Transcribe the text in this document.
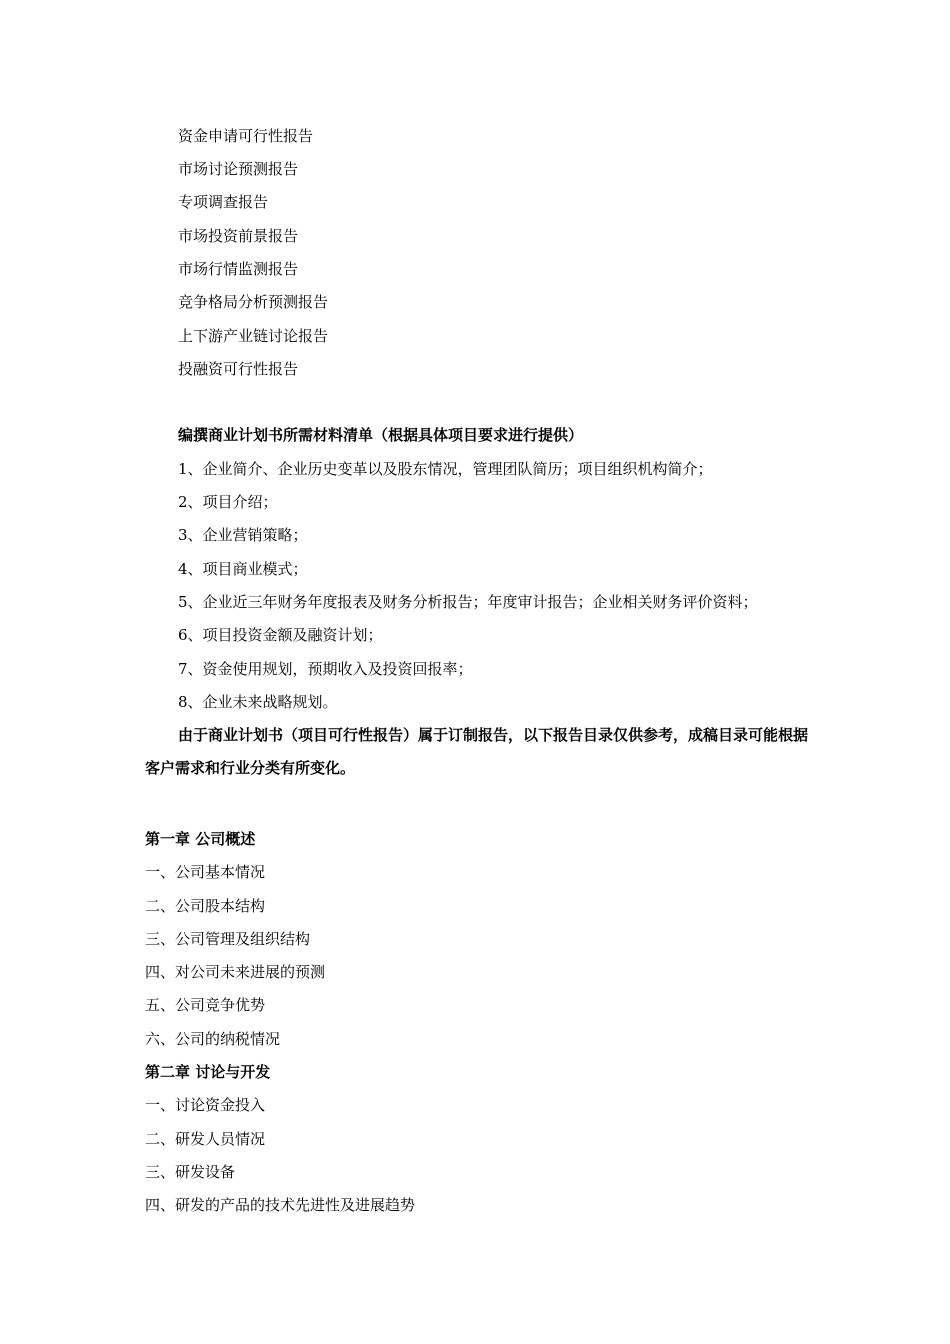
资金申请可行性报告
市场讨论预测报告
专项调查报告
市场投资前景报告
市场行情监测报告
竞争格局分析预测报告
上下游产业链讨论报告
投融资可行性报告
编撰商业计划书所需材料清单（根据具体项目要求进行提供）
1、企业简介、企业历史变革以及股东情况，管理团队简历；项目组织机构简介；
2、项目介绍；
3、企业营销策略；
4、项目商业模式；
5、企业近三年财务年度报表及财务分析报告；年度审计报告；企业相关财务评价资料；
6、项目投资金额及融资计划；
7、资金使用规划，预期收入及投资回报率；
8、企业未来战略规划。
由于商业计划书（项目可行性报告）属于订制报告，以下报告目录仅供参考，成稿目录可能根据客户需求和行业分类有所变化。
第一章 公司概述
一、公司基本情况
二、公司股本结构
三、公司管理及组织结构
四、对公司未来进展的预测
五、公司竞争优势
六、公司的纳税情况
第二章 讨论与开发
一、讨论资金投入
二、研发人员情况
三、研发设备
四、研发的产品的技术先进性及进展趋势
